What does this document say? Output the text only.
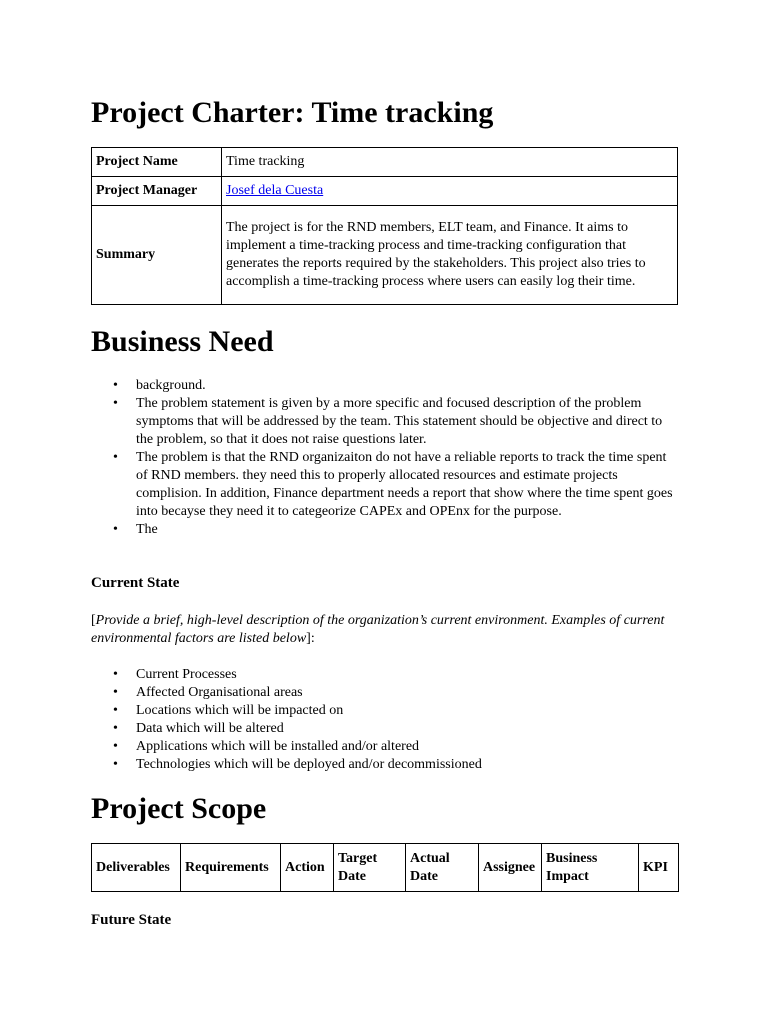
Project Charter: Time tracking
Project Name	Time tracking
Project Manager	Josef dela Cuesta
Summary	The project is for the RND members, ELT team, and Finance. It aims to implement a time-tracking process and time-tracking configuration that generates the reports required by the stakeholders. This project also tries to accomplish a time-tracking process where users can easily log their time.
Business Need
• background.
• The problem statement is given by a more specific and focused description of the problem symptoms that will be addressed by the team. This statement should be objective and direct to the problem, so that it does not raise questions later.
• The problem is that the RND organizaiton do not have a reliable reports to track the time spent of RND members. they need this to properly allocated resources and estimate projects complision. In addition, Finance department needs a report that show where the time spent goes into becayse they need it to categeorize CAPEx and OPEnx for the purpose.
• The
Current State

[Provide a brief, high-level description of the organization’s current environment. Examples of current environmental factors are listed below]:

• Current Processes
• Affected Organisational areas
• Locations which will be impacted on
• Data which will be altered
• Applications which will be installed and/or altered
• Technologies which will be deployed and/or decommissioned
Project Scope
Deliverables	Requirements	Action	Target Date	Actual Date	Assignee	Business Impact	KPI
Future State
